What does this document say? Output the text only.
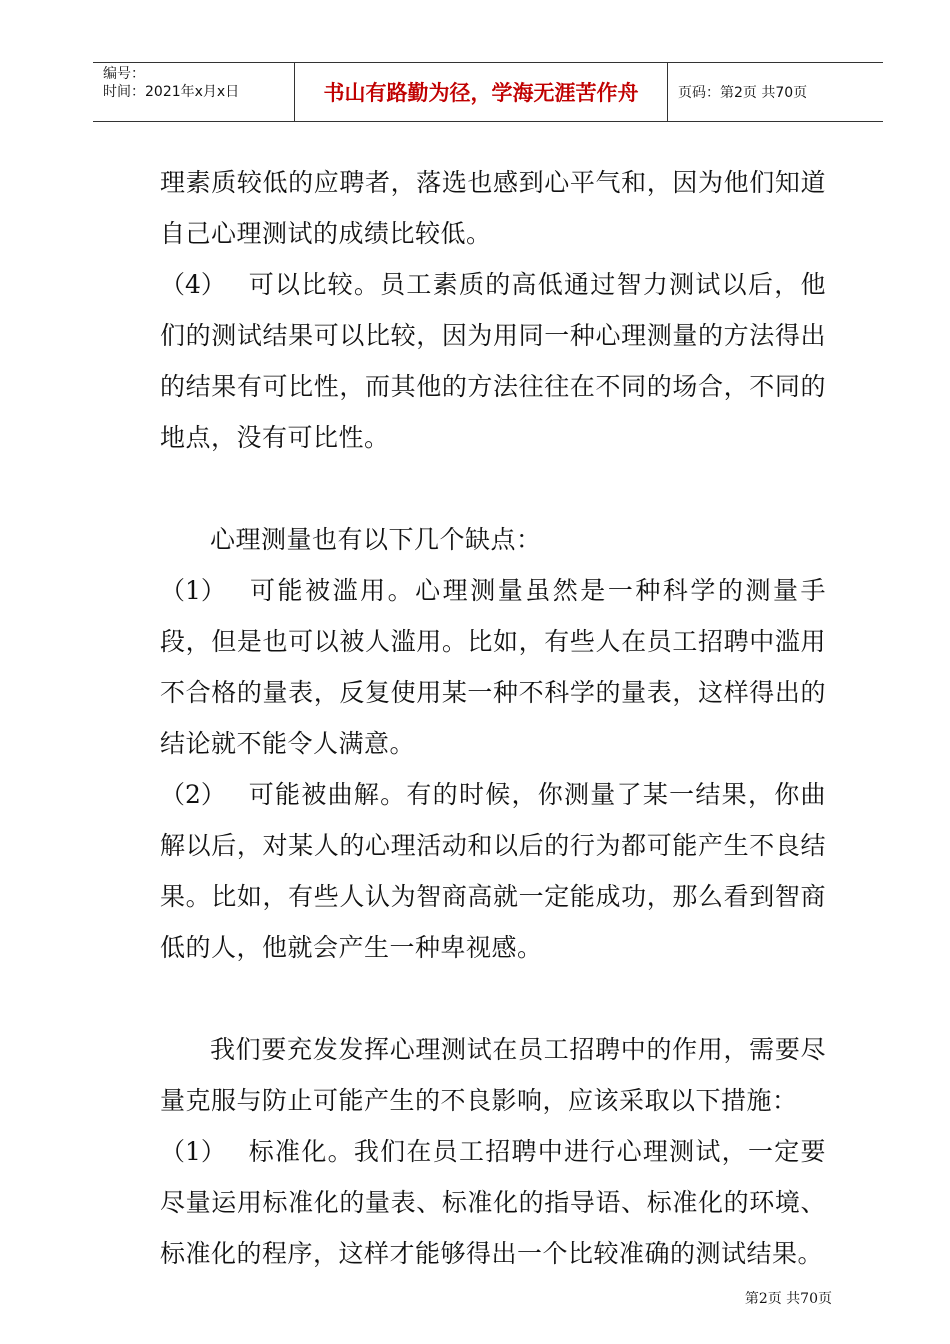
编号：
时间：2021年x月x日	书山有路勤为径，学海无涯苦作舟	页码：第2页 共70页

理素质较低的应聘者，落选也感到心平气和，因为他们知道自己心理测试的成绩比较低。

（4） 可以比较。员工素质的高低通过智力测试以后，他们的测试结果可以比较，因为用同一种心理测量的方法得出的结果有可比性，而其他的方法往往在不同的场合，不同的地点，没有可比性。

心理测量也有以下几个缺点：

（1） 可能被滥用。心理测量虽然是一种科学的测量手段，但是也可以被人滥用。比如，有些人在员工招聘中滥用不合格的量表，反复使用某一种不科学的量表，这样得出的结论就不能令人满意。

（2） 可能被曲解。有的时候，你测量了某一结果，你曲解以后，对某人的心理活动和以后的行为都可能产生不良结果。比如，有些人认为智商高就一定能成功，那么看到智商低的人，他就会产生一种卑视感。

我们要充发发挥心理测试在员工招聘中的作用，需要尽量克服与防止可能产生的不良影响，应该采取以下措施：

（1） 标准化。我们在员工招聘中进行心理测试，一定要尽量运用标准化的量表、标准化的指导语、标准化的环境、标准化的程序，这样才能够得出一个比较准确的测试结果。

第2页 共70页
